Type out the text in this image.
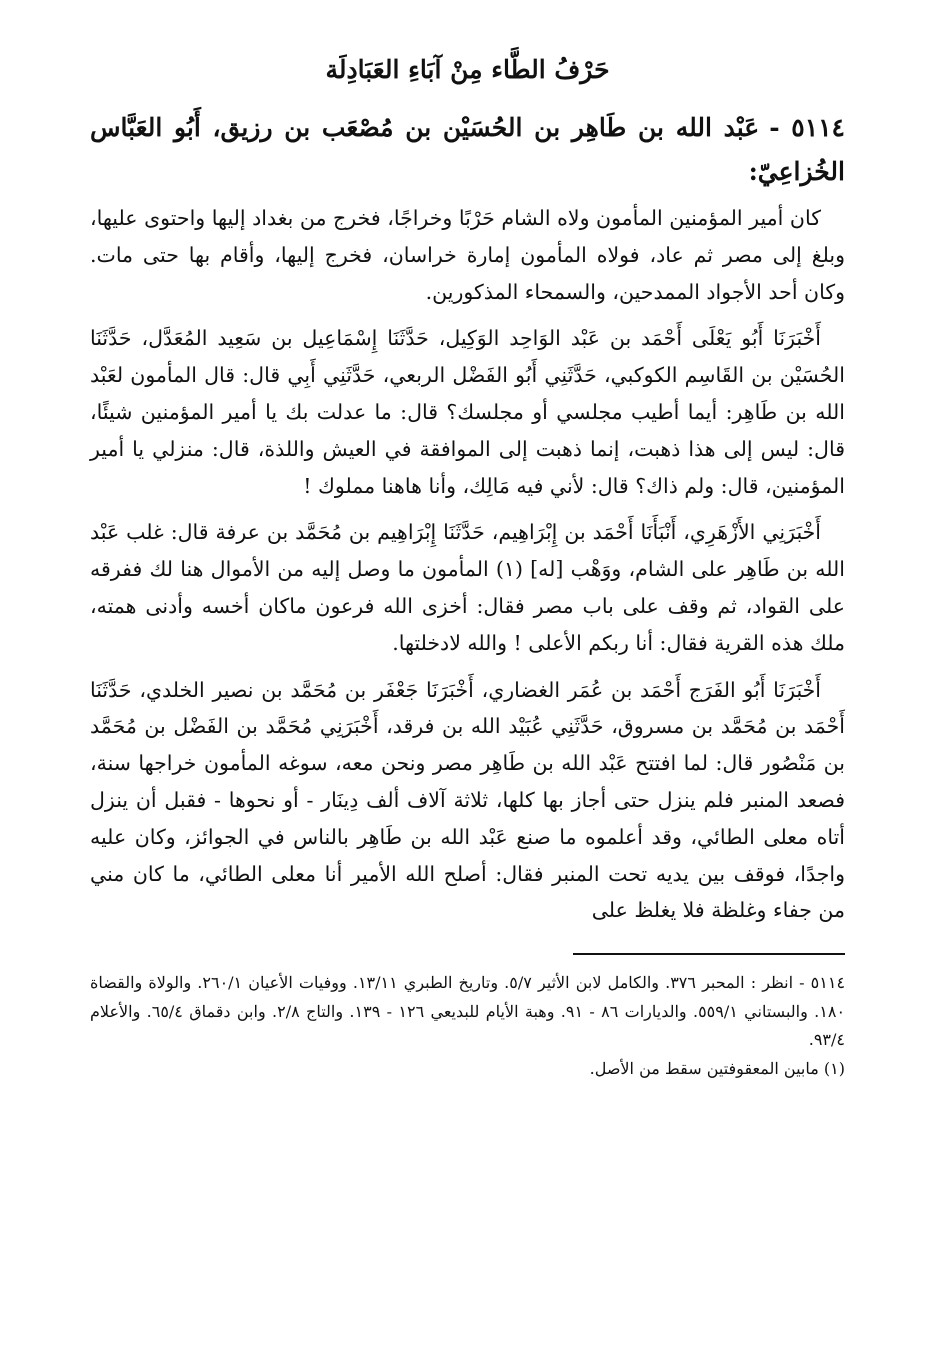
حَرْفُ الطَّاء مِنْ آبَاءِ العَبَادِلَة
٥١١٤ -عَبْد الله بن طَاهِر بن الحُسَيْن بن مُصْعَب بن رزيق، أَبُو العَبَّاس الخُزاعِيّ:

كان أمير المؤمنين المأمون ولاه الشام حَرْبًا وخراجًا، فخرج من بغداد إليها واحتوى عليها، وبلغ إلى مصر ثم عاد، فولاه المأمون إمارة خراسان، فخرج إليها، وأقام بها حتى مات. وكان أحد الأجواد الممدحين، والسمحاء المذكورين.

أَخْبَرَنَا أَبُو يَعْلَى أَحْمَد بن عَبْد الوَاحِد الوَكِيل، حَدَّثَنَا إِسْمَاعِيل بن سَعِيد المُعَدَّل، حَدَّثَنَا الحُسَيْن بن القَاسِم الكوكبي، حَدَّثَنِي أَبُو الفَضْل الربعي، حَدَّثَنِي أَبِي قال: قال المأمون لعَبْد الله بن طَاهِر: أيما أطيب مجلسي أو مجلسك؟ قال: ما عدلت بك يا أمير المؤمنين شيئًا، قال: ليس إلى هذا ذهبت، إنما ذهبت إلى الموافقة في العيش واللذة، قال: منزلي يا أمير المؤمنين، قال: ولم ذاك؟ قال: لأني فيه مَالِك، وأنا هاهنا مملوك !

أَخْبَرَنِي الأَزْهَرِي، أَنْبَأَنَا أَحْمَد بن إِبْرَاهِيم، حَدَّثَنَا إِبْرَاهِيم بن مُحَمَّد بن عرفة قال: غلب عَبْد الله بن طَاهِر على الشام، ووَهْب [له] (١) المأمون ما وصل إليه من الأموال هنا لك ففرقه على القواد، ثم وقف على باب مصر فقال: أخزى الله فرعون ماكان أخسه وأدنى همته، ملك هذه القرية فقال: أنا ربكم الأعلى ! والله لادخلتها.

أَخْبَرَنَا أَبُو الفَرَج أَحْمَد بن عُمَر الغضاري، أَخْبَرَنَا جَعْفَر بن مُحَمَّد بن نصير الخلدي، حَدَّثَنَا أَحْمَد بن مُحَمَّد بن مسروق، حَدَّثَنِي عُبَيْد الله بن فرقد، أَخْبَرَنِي مُحَمَّد بن الفَضْل بن مُحَمَّد بن مَنْصُور قال: لما افتتح عَبْد الله بن طَاهِر مصر ونحن معه، سوغه المأمون خراجها سنة، فصعد المنبر فلم ينزل حتى أجاز بها كلها، ثلاثة آلاف ألف دِينَار - أو نحوها - فقبل أن ينزل أتاه معلى الطائي، وقد أعلموه ما صنع عَبْد الله بن طَاهِر بالناس في الجوائز، وكان عليه واجدًا، فوقف بين يديه تحت المنبر فقال: أصلح الله الأمير أنا معلى الطائي، ما كان مني من جفاء وغلظة فلا يغلظ على

٥١١٤ - انظر : المحبر ٣٧٦. والكامل لابن الأثير ٥/٧. وتاريخ الطبري ١٣/١١. ووفيات الأعيان ٢٦٠/١. والولاة والقضاة ١٨٠. والبستاني ٥٥٩/١. والديارات ٨٦ - ٩١. وهبة الأيام للبديعي ١٢٦ - ١٣٩. والتاج ٢/٨. وابن دقماق ٦٥/٤. والأعلام ٩٣/٤.

(١) مابين المعقوفتين سقط من الأصل.
